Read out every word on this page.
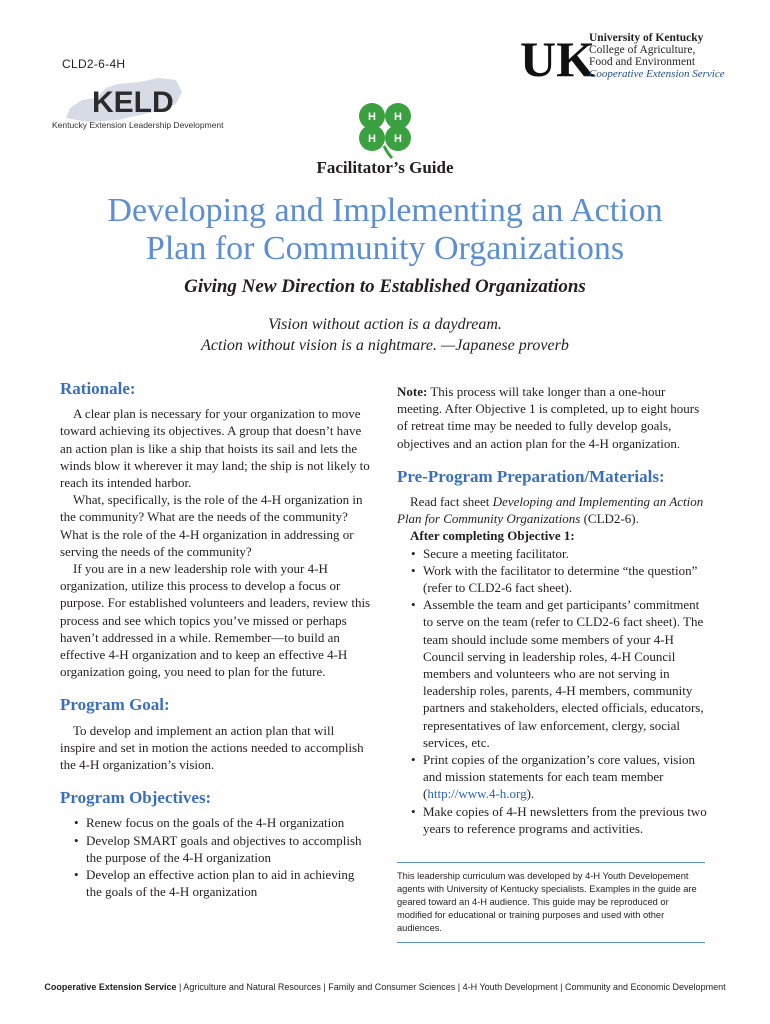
CLD2-6-4H
KELD
Kentucky Extension Leadership Development
UK
University of Kentucky
College of Agriculture,
Food and Environment
Cooperative Extension Service
H H
H H
Facilitator’s Guide
Developing and Implementing an Action
Plan for Community Organizations
Giving New Direction to Established Organizations
Vision without action is a daydream.
Action without vision is a nightmare. —Japanese proverb
Rationale:

A clear plan is necessary for your organization to move toward achieving its objectives. A group that doesn’t have an action plan is like a ship that hoists its sail and lets the winds blow it wherever it may land; the ship is not likely to reach its intended harbor.

What, specifically, is the role of the 4-H organization in the community? What are the needs of the community? What is the role of the 4-H organization in addressing or serving the needs of the community?

If you are in a new leadership role with your 4-H organization, utilize this process to develop a focus or purpose. For established volunteers and leaders, review this process and see which topics you’ve missed or perhaps haven’t addressed in a while. Remember—to build an effective 4-H organization and to keep an effective 4-H organization going, you need to plan for the future.

Program Goal:

To develop and implement an action plan that will inspire and set in motion the actions needed to accomplish the 4-H organization’s vision.

Program Objectives:
• Renew focus on the goals of the 4-H organization
• Develop SMART goals and objectives to accomplish the purpose of the 4-H organization
• Develop an effective action plan to aid in achieving the goals of the 4-H organization

Note: This process will take longer than a one-hour meeting. After Objective 1 is completed, up to eight hours of retreat time may be needed to fully develop goals, objectives and an action plan for the 4-H organization.

Pre-Program Preparation/Materials:

Read fact sheet Developing and Implementing an Action Plan for Community Organizations (CLD2-6).

After completing Objective 1:

• Secure a meeting facilitator.
• Work with the facilitator to determine “the question” (refer to CLD2-6 fact sheet).
• Assemble the team and get participants’ commitment to serve on the team (refer to CLD2-6 fact sheet). The team should include some members of your 4-H Council serving in leadership roles, 4-H Council members and volunteers who are not serving in leadership roles, parents, 4-H members, community partners and stakeholders, elected officials, educators, representatives of law enforcement, clergy, social services, etc.
• Print copies of the organization’s core values, vision and mission statements for each team member (http://www.4-h.org).
• Make copies of 4-H newsletters from the previous two years to reference programs and activities.
This leadership curriculum was developed by 4-H Youth Developement agents with University of Kentucky specialists. Examples in the guide are geared toward an 4-H audience. This guide may be reproduced or modified for educational or training purposes and used with other audiences.
Cooperative Extension Service | Agriculture and Natural Resources | Family and Consumer Sciences | 4-H Youth Development | Community and Economic Development
